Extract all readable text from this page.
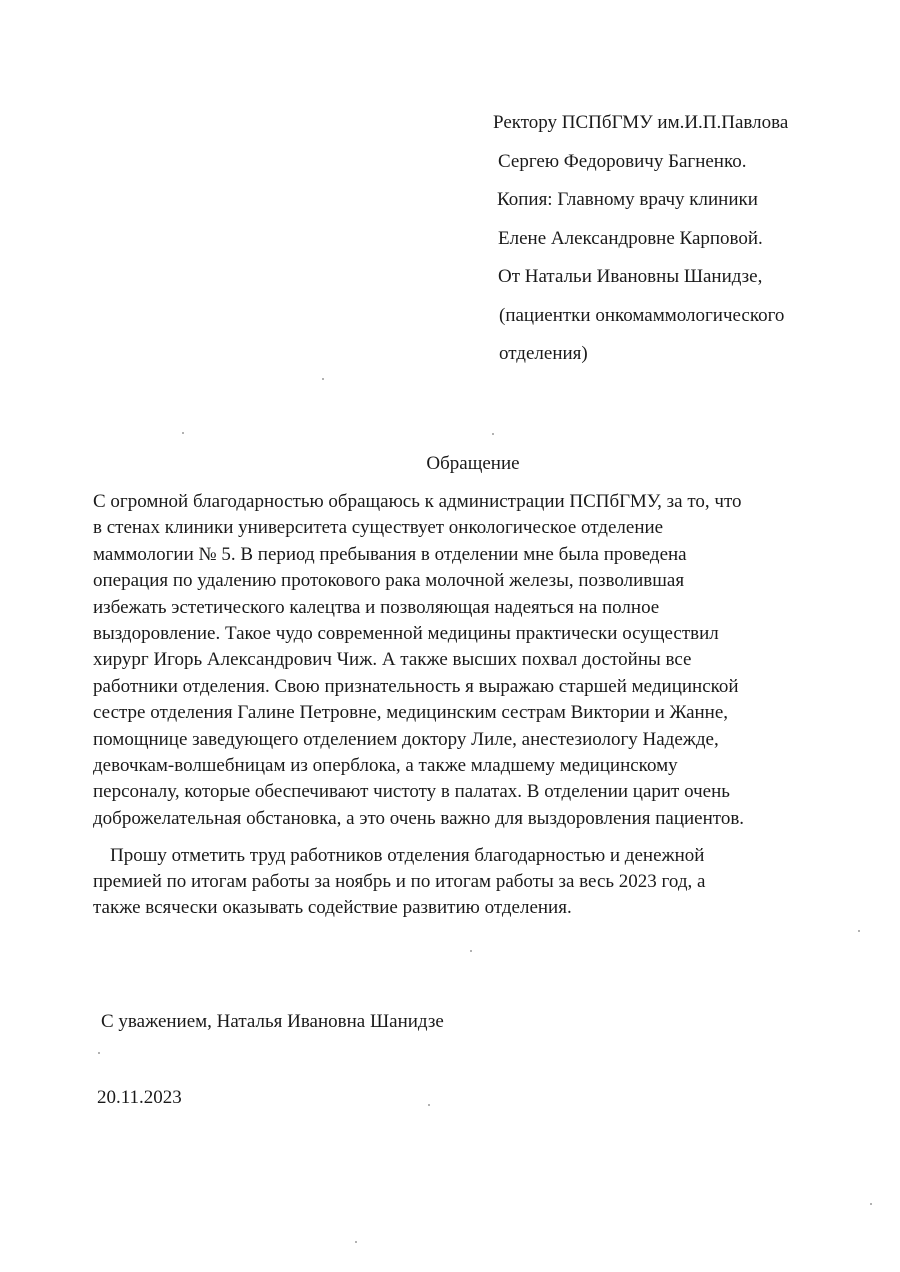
Ректору ПСПбГМУ им.И.П.Павлова
Сергею Федоровичу Багненко.
Копия: Главному врачу клиники
Елене Александровне Карповой.
От Натальи Ивановны Шанидзе,
(пациентки онкомаммологического
отделения)
Обращение
С огромной благодарностью обращаюсь к администрации ПСПбГМУ, за то, что
в стенах клиники университета существует онкологическое отделение
маммологии № 5. В период пребывания в отделении мне была проведена
операция по удалению протокового рака молочной железы, позволившая
избежать эстетического калецтва и позволяющая надеяться на полное
выздоровление. Такое чудо современной медицины практически осуществил
хирург Игорь Александрович Чиж. А также высших похвал достойны все
работники отделения. Свою признательность я выражаю старшей медицинской
сестре отделения Галине Петровне, медицинским сестрам Виктории и Жанне,
помощнице заведующего отделением доктору Лиле, анестезиологу Надежде,
девочкам-волшебницам из оперблока, а также младшему медицинскому
персоналу, которые обеспечивают чистоту в палатах. В отделении царит очень
доброжелательная обстановка, а это очень важно для выздоровления пациентов.
Прошу отметить труд работников отделения благодарностью и денежной
премией по итогам работы за ноябрь и по итогам работы за весь 2023 год, а
также всячески оказывать содействие развитию отделения.
С уважением, Наталья Ивановна Шанидзе
20.11.2023
